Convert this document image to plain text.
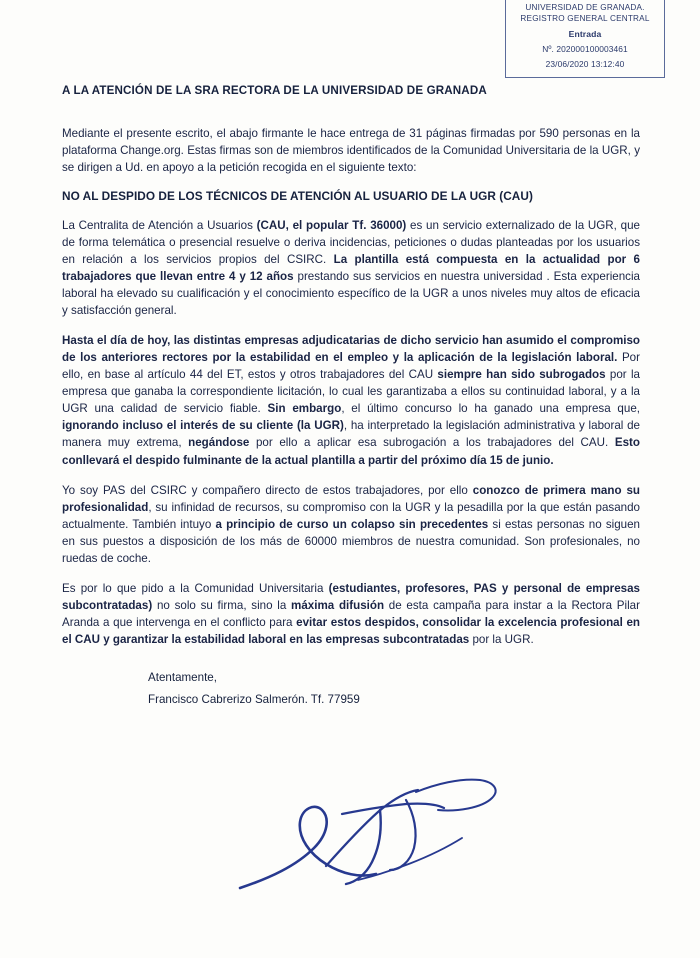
UNIVERSIDAD DE GRANADA.
REGISTRO GENERAL CENTRAL
Entrada
Nº. 202000100003461
23/06/2020 13:12:40
A LA ATENCIÓN DE LA SRA RECTORA DE LA UNIVERSIDAD DE GRANADA

Mediante el presente escrito, el abajo firmante le hace entrega de 31 páginas firmadas por 590 personas en la plataforma Change.org. Estas firmas son de miembros identificados de la Comunidad Universitaria de la UGR, y se dirigen a Ud. en apoyo a la petición recogida en el siguiente texto:

NO AL DESPIDO DE LOS TÉCNICOS DE ATENCIÓN AL USUARIO DE LA UGR (CAU)

La Centralita de Atención a Usuarios (CAU, el popular Tf. 36000) es un servicio externalizado de la UGR, que de forma telemática o presencial resuelve o deriva incidencias, peticiones o dudas planteadas por los usuarios en relación a los servicios propios del CSIRC. La plantilla está compuesta en la actualidad por 6 trabajadores que llevan entre 4 y 12 años prestando sus servicios en nuestra universidad . Esta experiencia laboral ha elevado su cualificación y el conocimiento específico de la UGR a unos niveles muy altos de eficacia y satisfacción general.

Hasta el día de hoy, las distintas empresas adjudicatarias de dicho servicio han asumido el compromiso de los anteriores rectores por la estabilidad en el empleo y la aplicación de la legislación laboral. Por ello, en base al artículo 44 del ET, estos y otros trabajadores del CAU siempre han sido subrogados por la empresa que ganaba la correspondiente licitación, lo cual les garantizaba a ellos su continuidad laboral, y a la UGR una calidad de servicio fiable. Sin embargo, el último concurso lo ha ganado una empresa que, ignorando incluso el interés de su cliente (la UGR), ha interpretado la legislación administrativa y laboral de manera muy extrema, negándose por ello a aplicar esa subrogación a los trabajadores del CAU. Esto conllevará el despido fulminante de la actual plantilla a partir del próximo día 15 de junio.

Yo soy PAS del CSIRC y compañero directo de estos trabajadores, por ello conozco de primera mano su profesionalidad, su infinidad de recursos, su compromiso con la UGR y la pesadilla por la que están pasando actualmente. También intuyo a principio de curso un colapso sin precedentes si estas personas no siguen en sus puestos a disposición de los más de 60000 miembros de nuestra comunidad. Son profesionales, no ruedas de coche.

Es por lo que pido a la Comunidad Universitaria (estudiantes, profesores, PAS y personal de empresas subcontratadas) no solo su firma, sino la máxima difusión de esta campaña para instar a la Rectora Pilar Aranda a que intervenga en el conflicto para evitar estos despidos, consolidar la excelencia profesional en el CAU y garantizar la estabilidad laboral en las empresas subcontratadas por la UGR.

Atentamente,
Francisco Cabrerizo Salmerón. Tf. 77959
